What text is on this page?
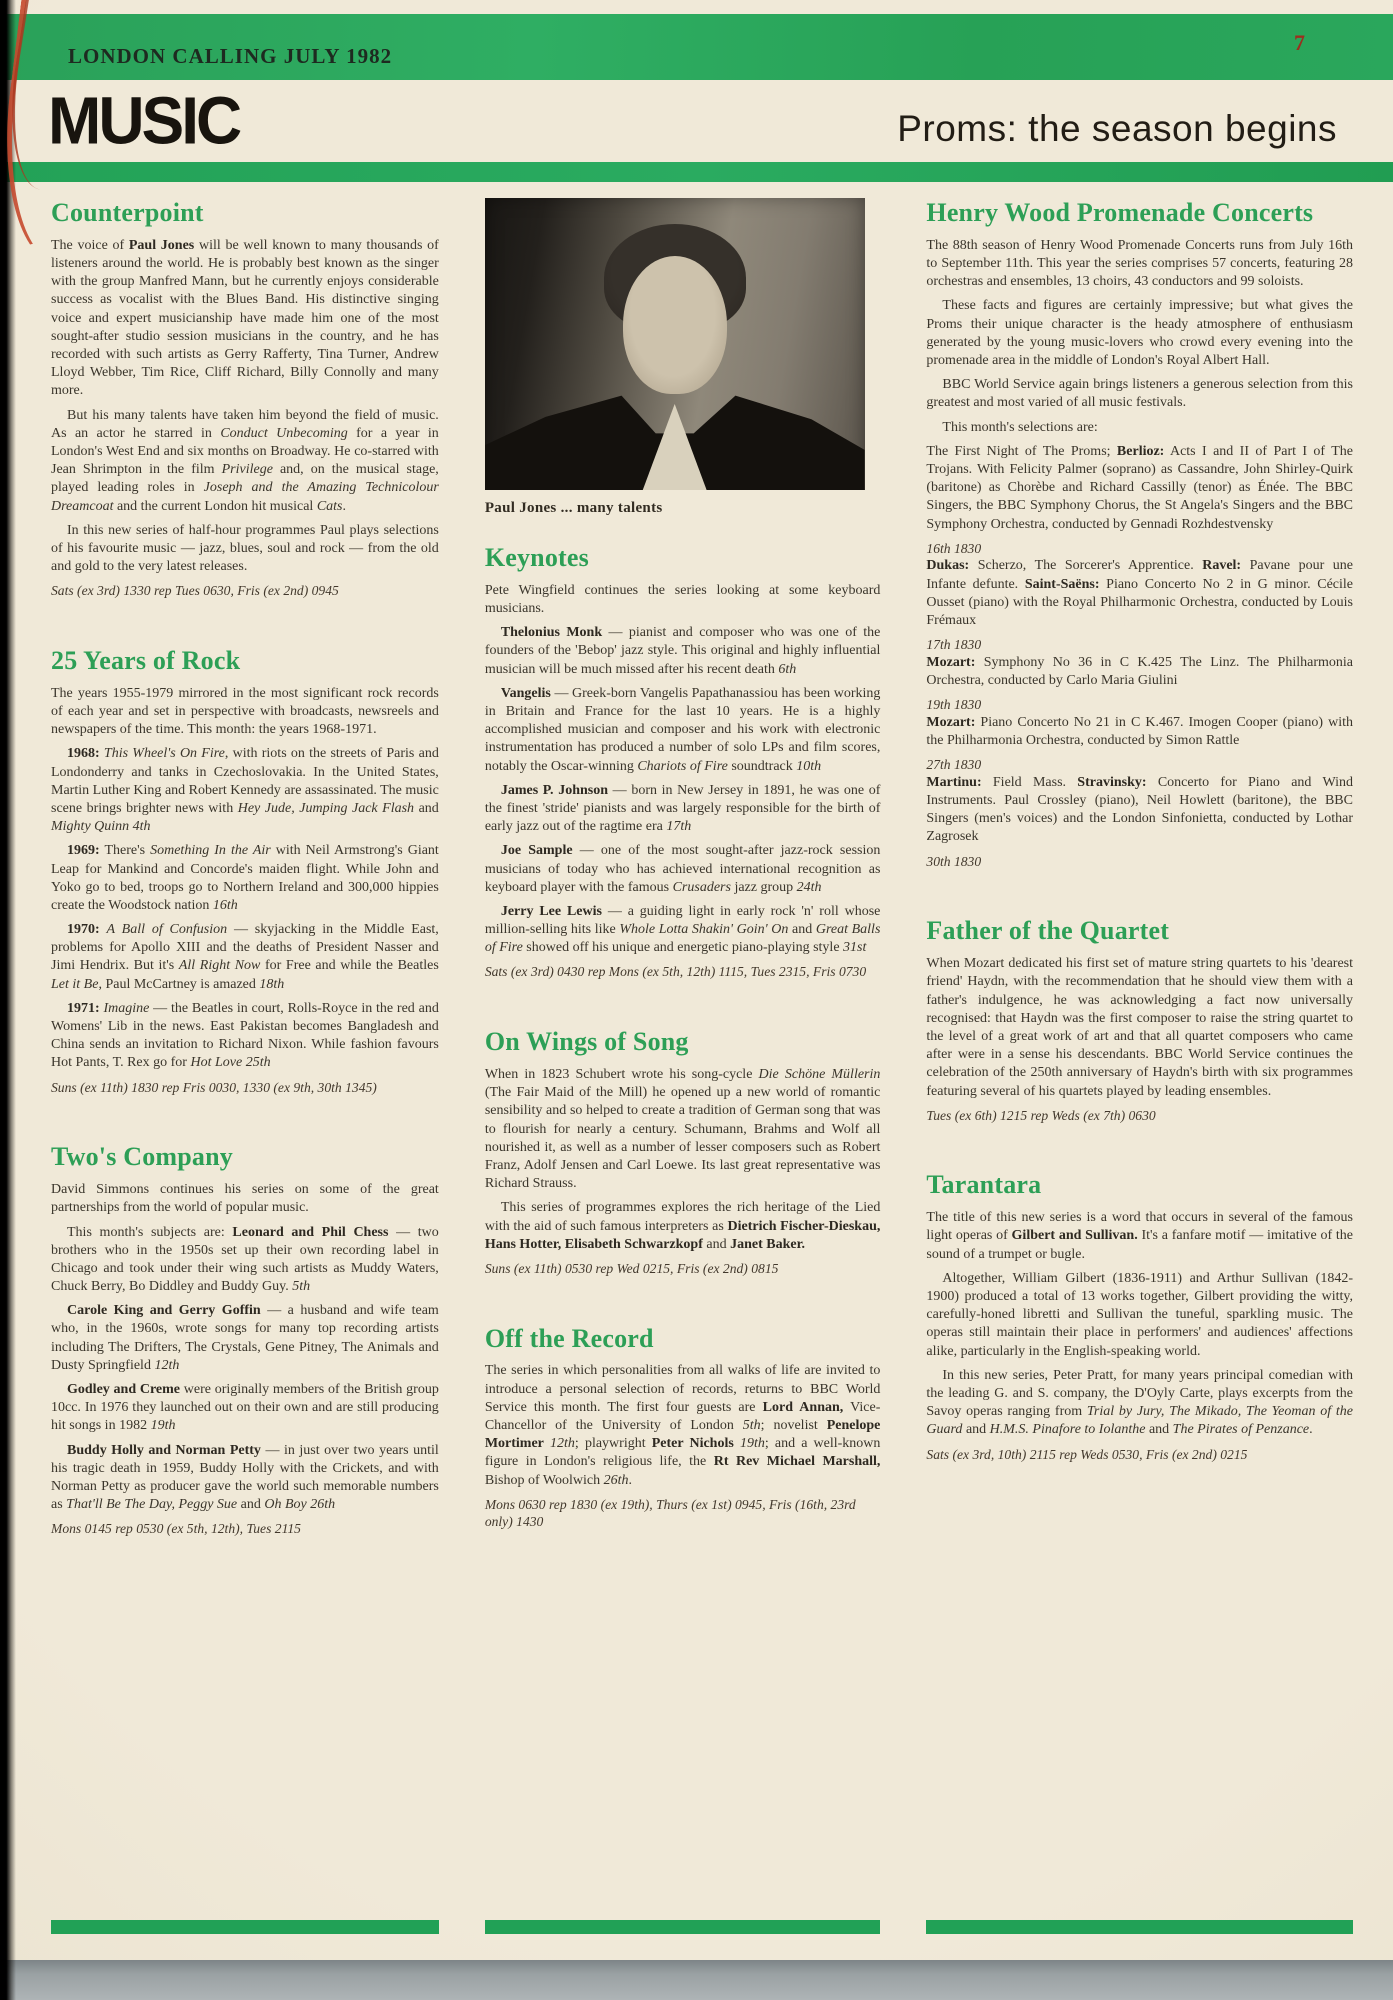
LONDON CALLING JULY 1982
7
MUSIC	Proms: the season begins
Counterpoint

The voice of Paul Jones will be well known to many thousands of listeners around the world. He is probably best known as the singer with the group Manfred Mann, but he currently enjoys considerable success as vocalist with the Blues Band. His distinctive singing voice and expert musicianship have made him one of the most sought-after studio session musicians in the country, and he has recorded with such artists as Gerry Rafferty, Tina Turner, Andrew Lloyd Webber, Tim Rice, Cliff Richard, Billy Connolly and many more.

But his many talents have taken him beyond the field of music. As an actor he starred in Conduct Unbecoming for a year in London's West End and six months on Broadway. He co-starred with Jean Shrimpton in the film Privilege and, on the musical stage, played leading roles in Joseph and the Amazing Technicolour Dreamcoat and the current London hit musical Cats.

In this new series of half-hour programmes Paul plays selections of his favourite music — jazz, blues, soul and rock — from the old and gold to the very latest releases.

Sats (ex 3rd) 1330 rep Tues 0630, Fris (ex 2nd) 0945

25 Years of Rock

The years 1955-1979 mirrored in the most significant rock records of each year and set in perspective with broadcasts, newsreels and newspapers of the time. This month: the years 1968-1971.

1968: This Wheel's On Fire, with riots on the streets of Paris and Londonderry and tanks in Czechoslovakia. In the United States, Martin Luther King and Robert Kennedy are assassinated. The music scene brings brighter news with Hey Jude, Jumping Jack Flash and Mighty Quinn 4th

1969: There's Something In the Air with Neil Armstrong's Giant Leap for Mankind and Concorde's maiden flight. While John and Yoko go to bed, troops go to Northern Ireland and 300,000 hippies create the Woodstock nation 16th

1970: A Ball of Confusion — skyjacking in the Middle East, problems for Apollo XIII and the deaths of President Nasser and Jimi Hendrix. But it's All Right Now for Free and while the Beatles Let it Be, Paul McCartney is amazed 18th

1971: Imagine — the Beatles in court, Rolls-Royce in the red and Womens' Lib in the news. East Pakistan becomes Bangladesh and China sends an invitation to Richard Nixon. While fashion favours Hot Pants, T. Rex go for Hot Love 25th

Suns (ex 11th) 1830 rep Fris 0030, 1330 (ex 9th, 30th 1345)

Two's Company

David Simmons continues his series on some of the great partnerships from the world of popular music.

This month's subjects are: Leonard and Phil Chess — two brothers who in the 1950s set up their own recording label in Chicago and took under their wing such artists as Muddy Waters, Chuck Berry, Bo Diddley and Buddy Guy. 5th

Carole King and Gerry Goffin — a husband and wife team who, in the 1960s, wrote songs for many top recording artists including The Drifters, The Crystals, Gene Pitney, The Animals and Dusty Springfield 12th

Godley and Creme were originally members of the British group 10cc. In 1976 they launched out on their own and are still producing hit songs in 1982 19th

Buddy Holly and Norman Petty — in just over two years until his tragic death in 1959, Buddy Holly with the Crickets, and with Norman Petty as producer gave the world such memorable numbers as That'll Be The Day, Peggy Sue and Oh Boy 26th

Mons 0145 rep 0530 (ex 5th, 12th), Tues 2115

Paul Jones ... many talents
Keynotes

Pete Wingfield continues the series looking at some keyboard musicians.

Thelonius Monk — pianist and composer who was one of the founders of the 'Bebop' jazz style. This original and highly influential musician will be much missed after his recent death 6th

Vangelis — Greek-born Vangelis Papathanassiou has been working in Britain and France for the last 10 years. He is a highly accomplished musician and composer and his work with electronic instrumentation has produced a number of solo LPs and film scores, notably the Oscar-winning Chariots of Fire soundtrack 10th

James P. Johnson — born in New Jersey in 1891, he was one of the finest 'stride' pianists and was largely responsible for the birth of early jazz out of the ragtime era 17th

Joe Sample — one of the most sought-after jazz-rock session musicians of today who has achieved international recognition as keyboard player with the famous Crusaders jazz group 24th

Jerry Lee Lewis — a guiding light in early rock 'n' roll whose million-selling hits like Whole Lotta Shakin' Goin' On and Great Balls of Fire showed off his unique and energetic piano-playing style 31st

Sats (ex 3rd) 0430 rep Mons (ex 5th, 12th) 1115, Tues 2315, Fris 0730

On Wings of Song

When in 1823 Schubert wrote his song-cycle Die Schöne Müllerin (The Fair Maid of the Mill) he opened up a new world of romantic sensibility and so helped to create a tradition of German song that was to flourish for nearly a century. Schumann, Brahms and Wolf all nourished it, as well as a number of lesser composers such as Robert Franz, Adolf Jensen and Carl Loewe. Its last great representative was Richard Strauss.

This series of programmes explores the rich heritage of the Lied with the aid of such famous interpreters as Dietrich Fischer-Dieskau, Hans Hotter, Elisabeth Schwarzkopf and Janet Baker.

Suns (ex 11th) 0530 rep Wed 0215, Fris (ex 2nd) 0815

Off the Record

The series in which personalities from all walks of life are invited to introduce a personal selection of records, returns to BBC World Service this month. The first four guests are Lord Annan, Vice-Chancellor of the University of London 5th; novelist Penelope Mortimer 12th; playwright Peter Nichols 19th; and a well-known figure in London's religious life, the Rt Rev Michael Marshall, Bishop of Woolwich 26th.

Mons 0630 rep 1830 (ex 19th), Thurs (ex 1st) 0945, Fris (16th, 23rd only) 1430

Henry Wood Promenade Concerts

The 88th season of Henry Wood Promenade Concerts runs from July 16th to September 11th. This year the series comprises 57 concerts, featuring 28 orchestras and ensembles, 13 choirs, 43 conductors and 99 soloists.

These facts and figures are certainly impressive; but what gives the Proms their unique character is the heady atmosphere of enthusiasm generated by the young music-lovers who crowd every evening into the promenade area in the middle of London's Royal Albert Hall.

BBC World Service again brings listeners a generous selection from this greatest and most varied of all music festivals.

This month's selections are:

The First Night of The Proms; Berlioz: Acts I and II of Part I of The Trojans. With Felicity Palmer (soprano) as Cassandre, John Shirley-Quirk (baritone) as Chorèbe and Richard Cassilly (tenor) as Énée. The BBC Singers, the BBC Symphony Chorus, the St Angela's Singers and the BBC Symphony Orchestra, conducted by Gennadi Rozhdestvensky

16th 1830

Dukas: Scherzo, The Sorcerer's Apprentice. Ravel: Pavane pour une Infante defunte. Saint-Saëns: Piano Concerto No 2 in G minor. Cécile Ousset (piano) with the Royal Philharmonic Orchestra, conducted by Louis Frémaux

17th 1830

Mozart: Symphony No 36 in C K.425 The Linz. The Philharmonia Orchestra, conducted by Carlo Maria Giulini

19th 1830

Mozart: Piano Concerto No 21 in C K.467. Imogen Cooper (piano) with the Philharmonia Orchestra, conducted by Simon Rattle

27th 1830

Martinu: Field Mass. Stravinsky: Concerto for Piano and Wind Instruments. Paul Crossley (piano), Neil Howlett (baritone), the BBC Singers (men's voices) and the London Sinfonietta, conducted by Lothar Zagrosek

30th 1830

Father of the Quartet

When Mozart dedicated his first set of mature string quartets to his 'dearest friend' Haydn, with the recommendation that he should view them with a father's indulgence, he was acknowledging a fact now universally recognised: that Haydn was the first composer to raise the string quartet to the level of a great work of art and that all quartet composers who came after were in a sense his descendants. BBC World Service continues the celebration of the 250th anniversary of Haydn's birth with six programmes featuring several of his quartets played by leading ensembles.

Tues (ex 6th) 1215 rep Weds (ex 7th) 0630

Tarantara

The title of this new series is a word that occurs in several of the famous light operas of Gilbert and Sullivan. It's a fanfare motif — imitative of the sound of a trumpet or bugle.

Altogether, William Gilbert (1836-1911) and Arthur Sullivan (1842-1900) produced a total of 13 works together, Gilbert providing the witty, carefully-honed libretti and Sullivan the tuneful, sparkling music. The operas still maintain their place in performers' and audiences' affections alike, particularly in the English-speaking world.

In this new series, Peter Pratt, for many years principal comedian with the leading G. and S. company, the D'Oyly Carte, plays excerpts from the Savoy operas ranging from Trial by Jury, The Mikado, The Yeoman of the Guard and H.M.S. Pinafore to Iolanthe and The Pirates of Penzance.

Sats (ex 3rd, 10th) 2115 rep Weds 0530, Fris (ex 2nd) 0215
